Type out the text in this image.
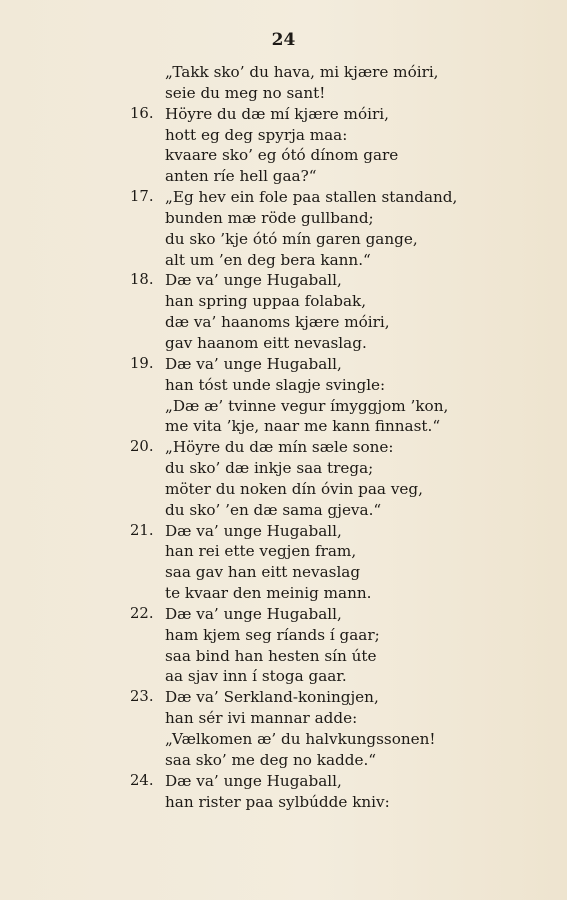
24
„Takk sko’ du hava, mi kjære móiri,
seie du meg no sant!
16. Höyre du dæ mí kjære móiri,
hott eg deg spyrja maa:
kvaare sko’ eg ótó dínom gare
anten ríe hell gaa?“
17. „Eg hev ein fole paa stallen standand,
bunden mæ röde gullband;
du sko ’kje ótó mín garen gange,
alt um ’en deg bera kann.“
18. Dæ va’ unge Hugaball,
han spring uppaa folabak,
dæ va’ haanoms kjære móiri,
gav haanom eitt nevaslag.
19. Dæ va’ unge Hugaball,
han tóst unde slagje svingle:
„Dæ æ’ tvinne vegur ímyggjom ’kon,
me vita ’kje, naar me kann finnast.“
20. „Höyre du dæ mín sæle sone:
du sko’ dæ inkje saa trega;
möter du noken dín óvin paa veg,
du sko’ ’en dæ sama gjeva.“
21. Dæ va’ unge Hugaball,
han rei ette vegjen fram,
saa gav han eitt nevaslag
te kvaar den meinig mann.
22. Dæ va’ unge Hugaball,
ham kjem seg ríands í gaar;
saa bind han hesten sín úte
aa sjav inn í stoga gaar.
23. Dæ va’ Serkland-koningjen,
han sér ivi mannar adde:
„Vælkomen æ’ du halvkungssonen!
saa sko’ me deg no kadde.“
24. Dæ va’ unge Hugaball,
han rister paa sylbúdde kniv:
